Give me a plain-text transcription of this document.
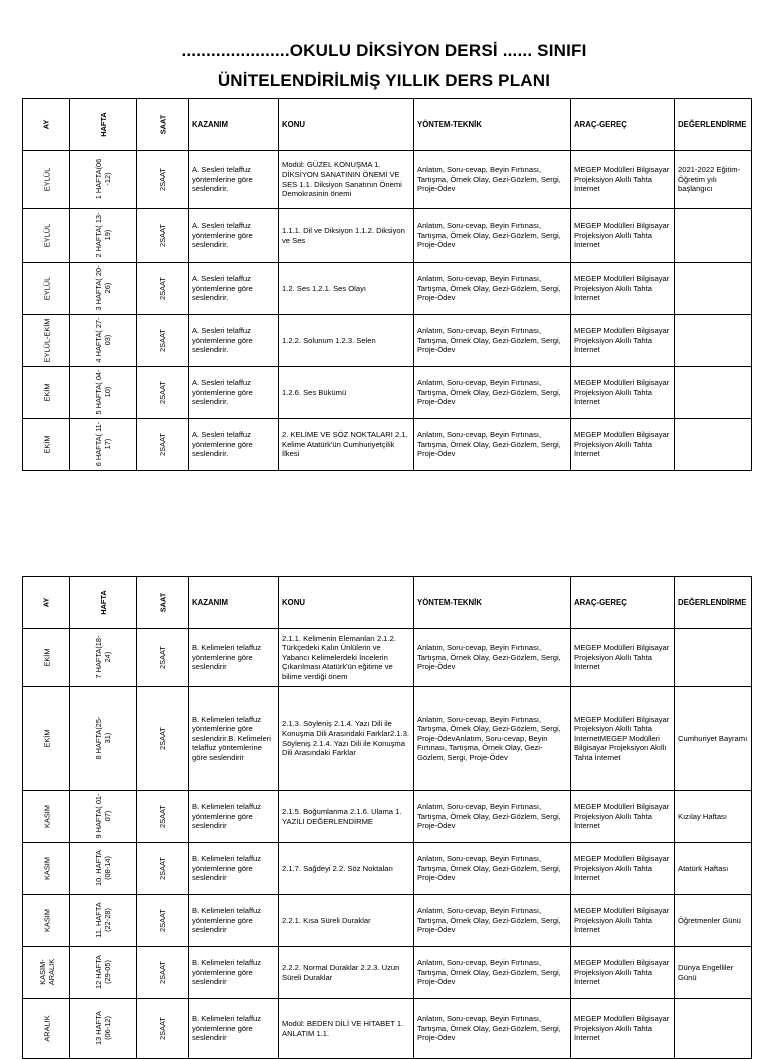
......................OKULU DİKSİYON DERSİ ...... SINIFI
ÜNİTELENDİRİLMİŞ YILLIK DERS PLANI
AY	HAFTA	SAAT	KAZANIM	KONU	YÖNTEM-TEKNİK	ARAÇ-GEREÇ	DEĞERLENDİRME
EYLÜL	1 HAFTA(06 -12)	2SAAT	A. Sesleri telaffuz yöntemlerine göre seslendirir.	Modül: GÜZEL KONUŞMA 1. DİKSİYON SANATININ ÖNEMİ VE SES 1.1. Diksiyon Sanatının Önemi Demokrasinin önemi	Anlatım, Soru-cevap, Beyin Fırtınası, Tartışma, Örnek Olay, Gezi-Gözlem, Sergi, Proje-Ödev	MEGEP Modülleri Bilgisayar Projeksiyon Akıllı Tahta İnternet	2021-2022 Eğitim-Öğretim yılı başlangıcı
EYLÜL	2 HAFTA( 13-19)	2SAAT	A. Sesleri telaffuz yöntemlerine göre seslendirir.	1.1.1. Dil ve Diksiyon 1.1.2. Diksiyon ve Ses	Anlatım, Soru-cevap, Beyin Fırtınası, Tartışma, Örnek Olay, Gezi-Gözlem, Sergi, Proje-Ödev	MEGEP Modülleri Bilgisayar Projeksiyon Akıllı Tahta İnternet	
EYLÜL	3 HAFTA( 20-26)	2SAAT	A. Sesleri telaffuz yöntemlerine göre seslendirir.	1.2. Ses 1.2.1. Ses Olayı	Anlatım, Soru-cevap, Beyin Fırtınası, Tartışma, Örnek Olay, Gezi-Gözlem, Sergi, Proje-Ödev	MEGEP Modülleri Bilgisayar Projeksiyon Akıllı Tahta İnternet	
EYLÜL-EKİM	4 HAFTA( 27-03)	2SAAT	A. Sesleri telaffuz yöntemlerine göre seslendirir.	1.2.2. Solunum 1.2.3. Selen	Anlatım, Soru-cevap, Beyin Fırtınası, Tartışma, Örnek Olay, Gezi-Gözlem, Sergi, Proje-Ödev	MEGEP Modülleri Bilgisayar Projeksiyon Akıllı Tahta İnternet	
EKİM	5 HAFTA( 04-10)	2SAAT	A. Sesleri telaffuz yöntemlerine göre seslendirir.	1.2.6. Ses Bükümü	Anlatım, Soru-cevap, Beyin Fırtınası, Tartışma, Örnek Olay, Gezi-Gözlem, Sergi, Proje-Ödev	MEGEP Modülleri Bilgisayar Projeksiyon Akıllı Tahta İnternet	
EKİM	6 HAFTA( 11-17)	2SAAT	A. Sesleri telaffuz yöntemlerine göre seslendirir.	2. KELİME VE SÖZ NOKTALARI 2.1. Kelime Atatürk'ün Cumhuriyetçilik İlkesi	Anlatım, Soru-cevap, Beyin Fırtınası, Tartışma, Örnek Olay, Gezi-Gözlem, Sergi, Proje-Ödev	MEGEP Modülleri Bilgisayar Projeksiyon Akıllı Tahta İnternet	
AY	HAFTA	SAAT	KAZANIM	KONU	YÖNTEM-TEKNİK	ARAÇ-GEREÇ	DEĞERLENDİRME
EKİM	7 HAFTA(18-24)	2SAAT	B. Kelimeleri telaffuz yöntemlerine göre seslendirir	2.1.1. Kelimenin Elemanları 2.1.2. Türkçedeki Kalın Ünlülerin ve Yabancı Kelimelerdeki İncelerin Çıkarılması Atatürk'ün eğitime ve bilime verdiği önem	Anlatım, Soru-cevap, Beyin Fırtınası, Tartışma, Örnek Olay, Gezi-Gözlem, Sergi, Proje-Ödev	MEGEP Modülleri Bilgisayar Projeksiyon Akıllı Tahta İnternet	
EKİM	8 HAFTA(25-31)	2SAAT	B. Kelimeleri telaffuz yöntemlerine göre seslendirir.B. Kelimeleri telaffuz yöntemlerine göre seslendirir	2.1.3. Söyleniş 2.1.4. Yazı Dili ile Konuşma Dili Arasındaki Farklar2.1.3. Söyleniş 2.1.4. Yazı Dili ile Konuşma Dili Arasındaki Farklar	Anlatım, Soru-cevap, Beyin Fırtınası, Tartışma, Örnek Olay, Gezi-Gözlem, Sergi, Proje-ÖdevAnlatım, Soru-cevap, Beyin Fırtınası, Tartışma, Örnek Olay, Gezi-Gözlem, Sergi, Proje-Ödev	MEGEP Modülleri Bilgisayar Projeksiyon Akıllı Tahta İnternetMEGEP Modülleri Bilgisayar Projeksiyon Akıllı Tahta İnternet	Cumhuriyet Bayramı
KASIM	9 HAFTA( 01-07)	2SAAT	B. Kelimeleri telaffuz yöntemlerine göre seslendirir	2.1.5. Boğumlanma 2.1.6. Ulama 1. YAZILI DEĞERLENDİRME	Anlatım, Soru-cevap, Beyin Fırtınası, Tartışma, Örnek Olay, Gezi-Gözlem, Sergi, Proje-Ödev	MEGEP Modülleri Bilgisayar Projeksiyon Akıllı Tahta İnternet	Kızılay Haftası
KASIM	10. HAFTA (08-14)	2SAAT	B. Kelimeleri telaffuz yöntemlerine göre seslendirir	2.1.7. Sağdeyi 2.2. Söz Noktaları	Anlatım, Soru-cevap, Beyin Fırtınası, Tartışma, Örnek Olay, Gezi-Gözlem, Sergi, Proje-Ödev	MEGEP Modülleri Bilgisayar Projeksiyon Akıllı Tahta İnternet	Atatürk Haftası
KASIM	11. HAFTA (22-28)	2SAAT	B. Kelimeleri telaffuz yöntemlerine göre seslendirir	2.2.1. Kısa Süreli Duraklar	Anlatım, Soru-cevap, Beyin Fırtınası, Tartışma, Örnek Olay, Gezi-Gözlem, Sergi, Proje-Ödev	MEGEP Modülleri Bilgisayar Projeksiyon Akıllı Tahta İnternet	Öğretmenler Günü
KASIM-ARALIK	12 HAFTA (29-05)	2SAAT	B. Kelimeleri telaffuz yöntemlerine göre seslendirir	2.2.2. Normal Duraklar 2.2.3. Uzun Süreli Duraklar	Anlatım, Soru-cevap, Beyin Fırtınası, Tartışma, Örnek Olay, Gezi-Gözlem, Sergi, Proje-Ödev	MEGEP Modülleri Bilgisayar Projeksiyon Akıllı Tahta İnternet	Dünya Engelliler Günü
ARALIK	13 HAFTA (06-12)	2SAAT	B. Kelimeleri telaffuz yöntemlerine göre seslendirir	Modül: BEDEN DİLİ VE HİTABET 1. ANLATIM 1.1.	Anlatım, Soru-cevap, Beyin Fırtınası, Tartışma, Örnek Olay, Gezi-Gözlem, Sergi, Proje-Ödev	MEGEP Modülleri Bilgisayar Projeksiyon Akıllı Tahta İnternet	
